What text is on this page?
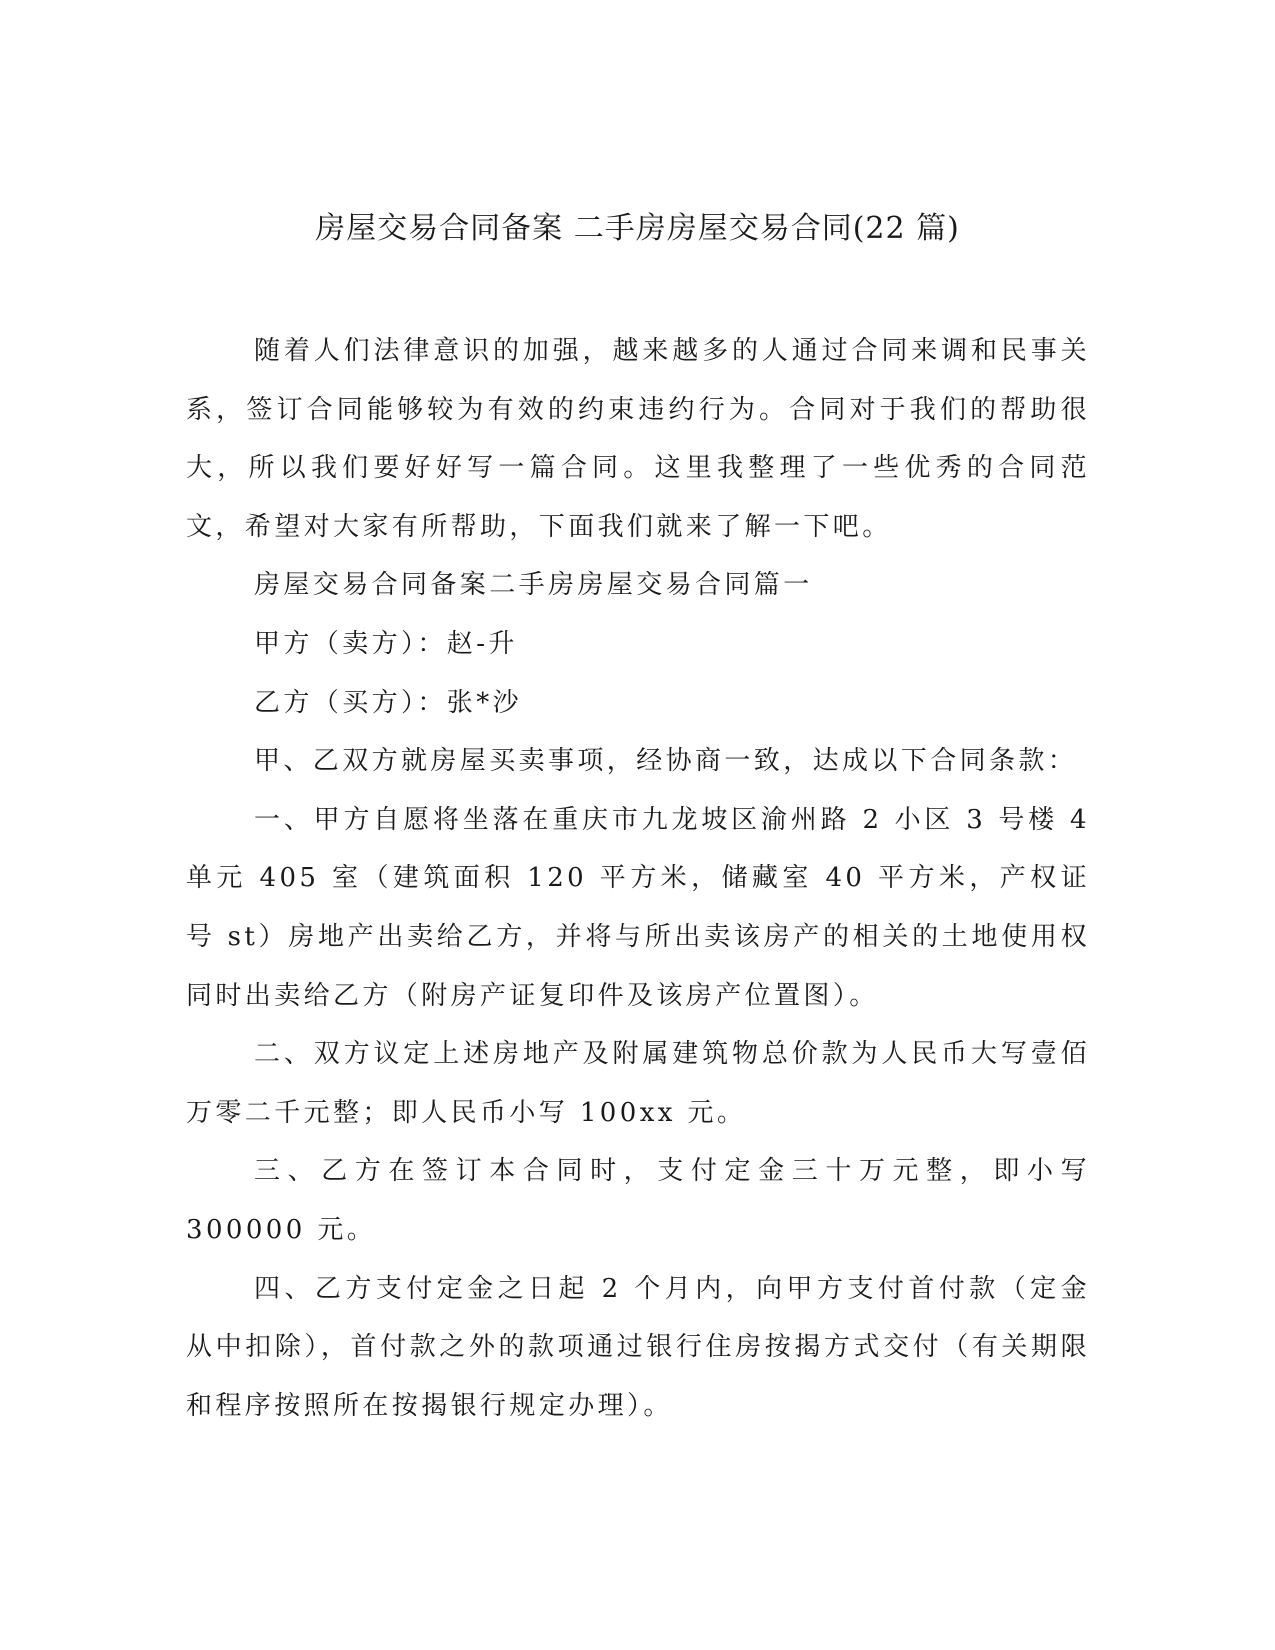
房屋交易合同备案 二手房房屋交易合同(22 篇)

随着人们法律意识的加强，越来越多的人通过合同来调和民事关系，签订合同能够较为有效的约束违约行为。合同对于我们的帮助很大，所以我们要好好写一篇合同。这里我整理了一些优秀的合同范文，希望对大家有所帮助，下面我们就来了解一下吧。

房屋交易合同备案二手房房屋交易合同篇一

甲方（卖方）：赵-升

乙方（买方）：张*沙

甲、乙双方就房屋买卖事项，经协商一致，达成以下合同条款：

一、甲方自愿将坐落在重庆市九龙坡区渝州路 2 小区 3 号楼 4 单元 405 室（建筑面积 120 平方米，储藏室 40 平方米，产权证号 st）房地产出卖给乙方，并将与所出卖该房产的相关的土地使用权同时出卖给乙方（附房产证复印件及该房产位置图）。

二、双方议定上述房地产及附属建筑物总价款为人民币大写壹佰万零二千元整；即人民币小写 100xx 元。

三、乙方在签订本合同时，支付定金三十万元整，即小写 300000 元。

四、乙方支付定金之日起 2 个月内，向甲方支付首付款（定金从中扣除），首付款之外的款项通过银行住房按揭方式交付（有关期限和程序按照所在按揭银行规定办理）。
